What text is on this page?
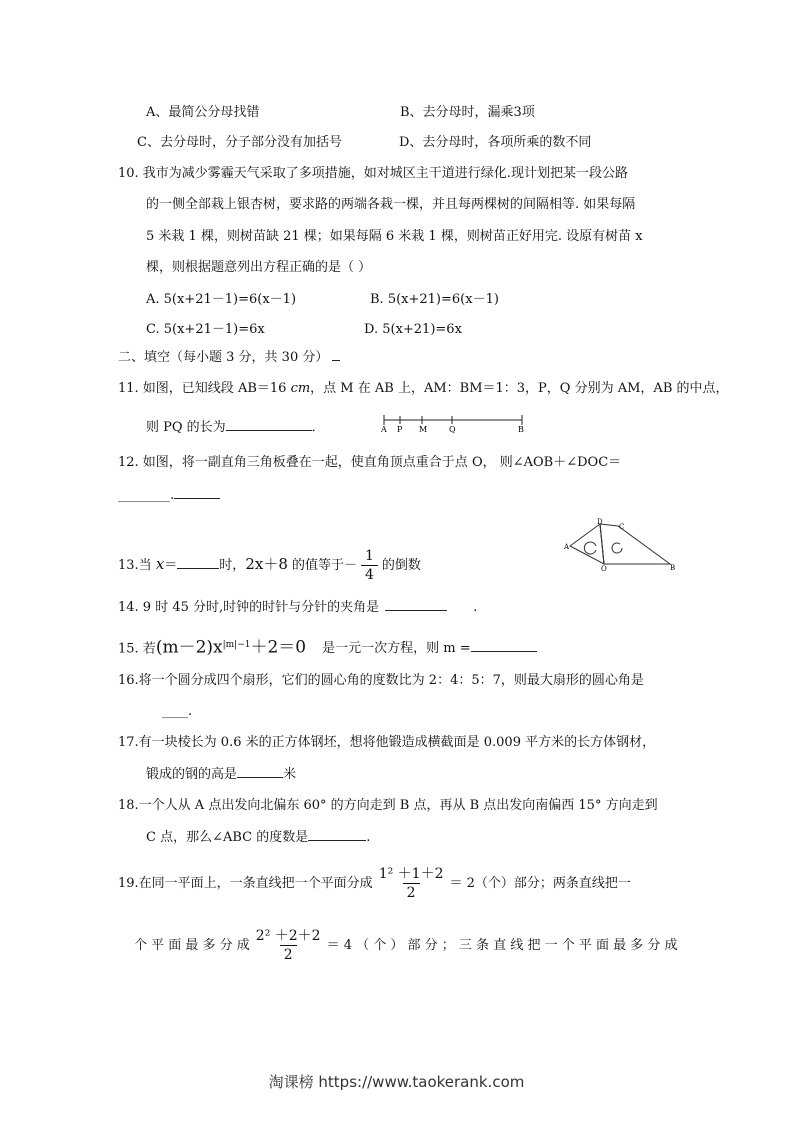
A、最简公分母找错	B、去分母时，漏乘3项
C、去分母时，分子部分没有加括号	D、去分母时，各项所乘的数不同
10. 我市为减少雾霾天气采取了多项措施，如对城区主干道进行绿化.现计划把某一段公路
的一侧全部栽上银杏树，要求路的两端各栽一棵，并且每两棵树的间隔相等. 如果每隔
5 米栽 1 棵，则树苗缺 21 棵；如果每隔 6 米栽 1 棵，则树苗正好用完. 设原有树苗 x
棵，则根据题意列出方程正确的是（ ）
A. 5(x+21－1)=6(x－1)	B. 5(x+21)=6(x－1)
C. 5(x+21－1)=6x	D. 5(x+21)=6x
二、填空（每小题 3 分，共 30 分）
11. 如图，已知线段 AB＝16 cm，点 M 在 AB 上，AM：BM＝1：3，P，Q 分别为 AM，AB 的中点，
则 PQ 的长为	．	A P M	Q	B
12. 如图，将一副直角三角板叠在一起，使直角顶点重合于点 O， 则∠AOB＋∠DOC＝
________.
D
C
A
B
O
13.当 x＝	时，2x＋8 的值等于－ $\frac{1}{4}$ 的倒数
14. 9 时 45 分时,时钟的时针与分针的夹角是	.
15. 若$(m-2)x^{|m|-1}+2=0$ 是一元一次方程，则 m =
16.将一个圆分成四个扇形，它们的圆心角的度数比为 2：4：5：7，则最大扇形的圆心角是
____.
17.有一块棱长为 0.6 米的正方体钢坯，想将他锻造成横截面是 0.009 平方米的长方体钢材，
锻成的钢的高是	米
18.一个人从 A 点出发向北偏东 60° 的方向走到 B 点，再从 B 点出发向南偏西 15° 方向走到
C 点，那么∠ABC 的度数是	.
19.在同一平面上，一条直线把一个平面分成 $\frac{\text{1² ＋1＋2}}{2} = 2$（个）部分；两条直线把一
个 平 面 最 多 分 成 $\frac{\text{2² ＋2＋2}}{2} = 4$ （ 个 ） 部 分 ； 三 条 直 线 把 一 个 平 面 最 多 分 成
淘课榜 https://www.taokerank.com
